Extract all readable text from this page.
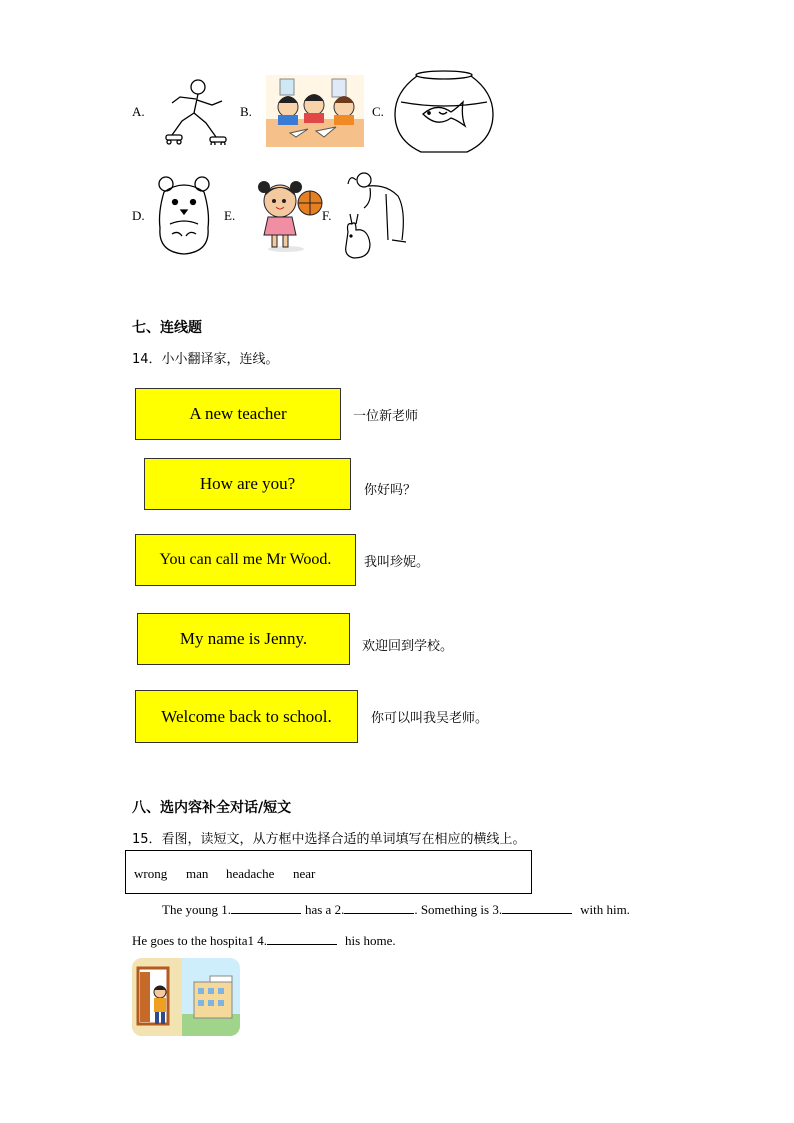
A.	B.	C.
D.	E.	F.
七、连线题
14．小小翻译家，连线。
A new teacher
How are you?
You can call me Mr Wood.
My name is Jenny.
Welcome back to school.
一位新老师
你好吗？
我叫珍妮。
欢迎回到学校。
你可以叫我吴老师。
八、选内容补全对话/短文
15．看图，读短文，从方框中选择合适的单词填写在相应的横线上。
wrong man headache near
The young 1.	has a 2.	. Something is 3.	with him.
He goes to the hospita1 4.	his home.
